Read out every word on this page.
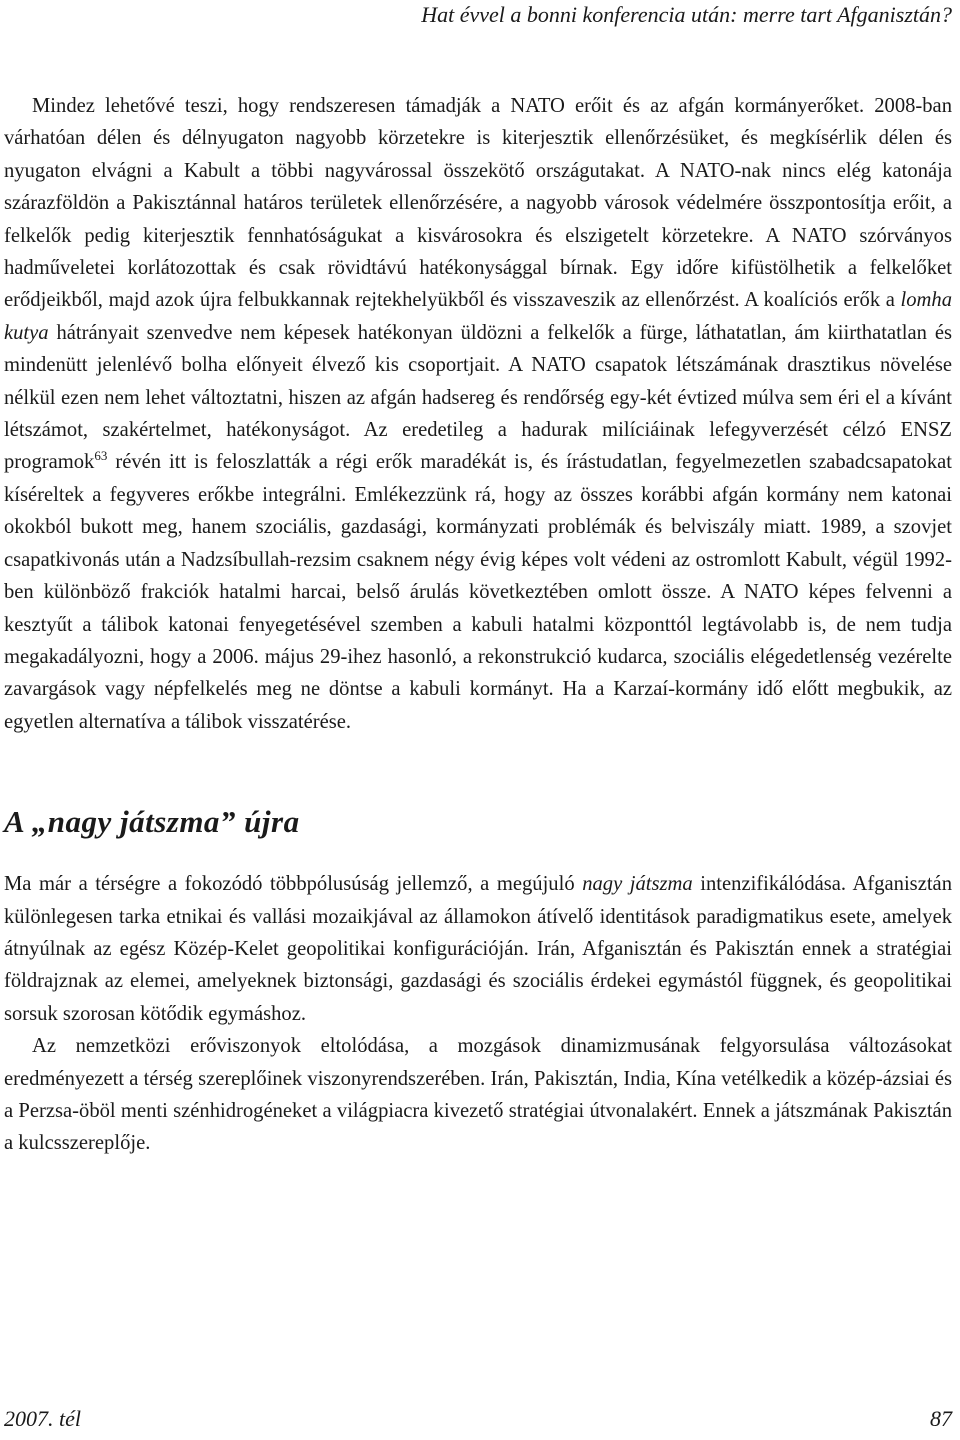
Hat évvel a bonni konferencia után: merre tart Afganisztán?

Mindez lehetővé teszi, hogy rendszeresen támadják a NATO erőit és az afgán kormányerőket. 2008-ban várhatóan délen és délnyugaton nagyobb körzetekre is kiterjesztik ellenőrzésüket, és megkísérlik délen és nyugaton elvágni a Kabult a többi nagyvárossal összekötő országutakat. A NATO-nak nincs elég katonája szárazföldön a Pakisztánnal határos területek ellenőrzésére, a nagyobb városok védelmére összpontosítja erőit, a felkelők pedig kiterjesztik fennhatóságukat a kisvárosokra és elszigetelt körzetekre. A NATO szórványos hadműveletei korlátozottak és csak rövidtávú hatékonysággal bírnak. Egy időre kifüstölhetik a felkelőket erődjeikből, majd azok újra felbukkannak rejtekhelyükből és visszaveszik az ellenőrzést. A koalíciós erők a lomha kutya hátrányait szenvedve nem képesek hatékonyan üldözni a felkelők a fürge, láthatatlan, ám kiirthatatlan és mindenütt jelenlévő bolha előnyeit élvező kis csoportjait. A NATO csapatok létszámának drasztikus növelése nélkül ezen nem lehet változtatni, hiszen az afgán hadsereg és rendőrség egy-két évtized múlva sem éri el a kívánt létszámot, szakértelmet, hatékonyságot. Az eredetileg a hadurak milíciáinak lefegyverzését célzó ENSZ programok$^{63}$ révén itt is feloszlatták a régi erők maradékát is, és írástudatlan, fegyelmezetlen szabadcsapatokat kíséreltek a fegyveres erőkbe integrálni. Emlékezzünk rá, hogy az összes korábbi afgán kormány nem katonai okokból bukott meg, hanem szociális, gazdasági, kormányzati problémák és belviszály miatt. 1989, a szovjet csapatkivonás után a Nadzsíbullah-rezsim csaknem négy évig képes volt védeni az ostromlott Kabult, végül 1992-ben különböző frakciók hatalmi harcai, belső árulás következtében omlott össze. A NATO képes felvenni a kesztyűt a tálibok katonai fenyegetésével szemben a kabuli hatalmi központtól legtávolabb is, de nem tudja megakadályozni, hogy a 2006. május 29-ihez hasonló, a rekonstrukció kudarca, szociális elégedetlenség vezérelte zavargások vagy népfelkelés meg ne döntse a kabuli kormányt. Ha a Karzaí-kormány idő előtt megbukik, az egyetlen alternatíva a tálibok visszatérése.

A „nagy játszma” újra

Ma már a térségre a fokozódó többpólusúság jellemző, a megújuló nagy játszma intenzifikálódása. Afganisztán különlegesen tarka etnikai és vallási mozaikjával az államokon átívelő identitások paradigmatikus esete, amelyek átnyúlnak az egész Közép-Kelet geopolitikai konfigurációján. Irán, Afganisztán és Pakisztán ennek a stratégiai földrajznak az elemei, amelyeknek biztonsági, gazdasági és szociális érdekei egymástól függnek, és geopolitikai sorsuk szorosan kötődik egymáshoz.

Az nemzetközi erőviszonyok eltolódása, a mozgások dinamizmusának felgyorsulása változásokat eredményezett a térség szereplőinek viszonyrendszerében. Irán, Pakisztán, India, Kína vetélkedik a közép-ázsiai és a Perzsa-öböl menti szénhidrogéneket a világpiacra kivezető stratégiai útvonalakért. Ennek a játszmának Pakisztán a kulcsszereplője.

2007. tél	87
